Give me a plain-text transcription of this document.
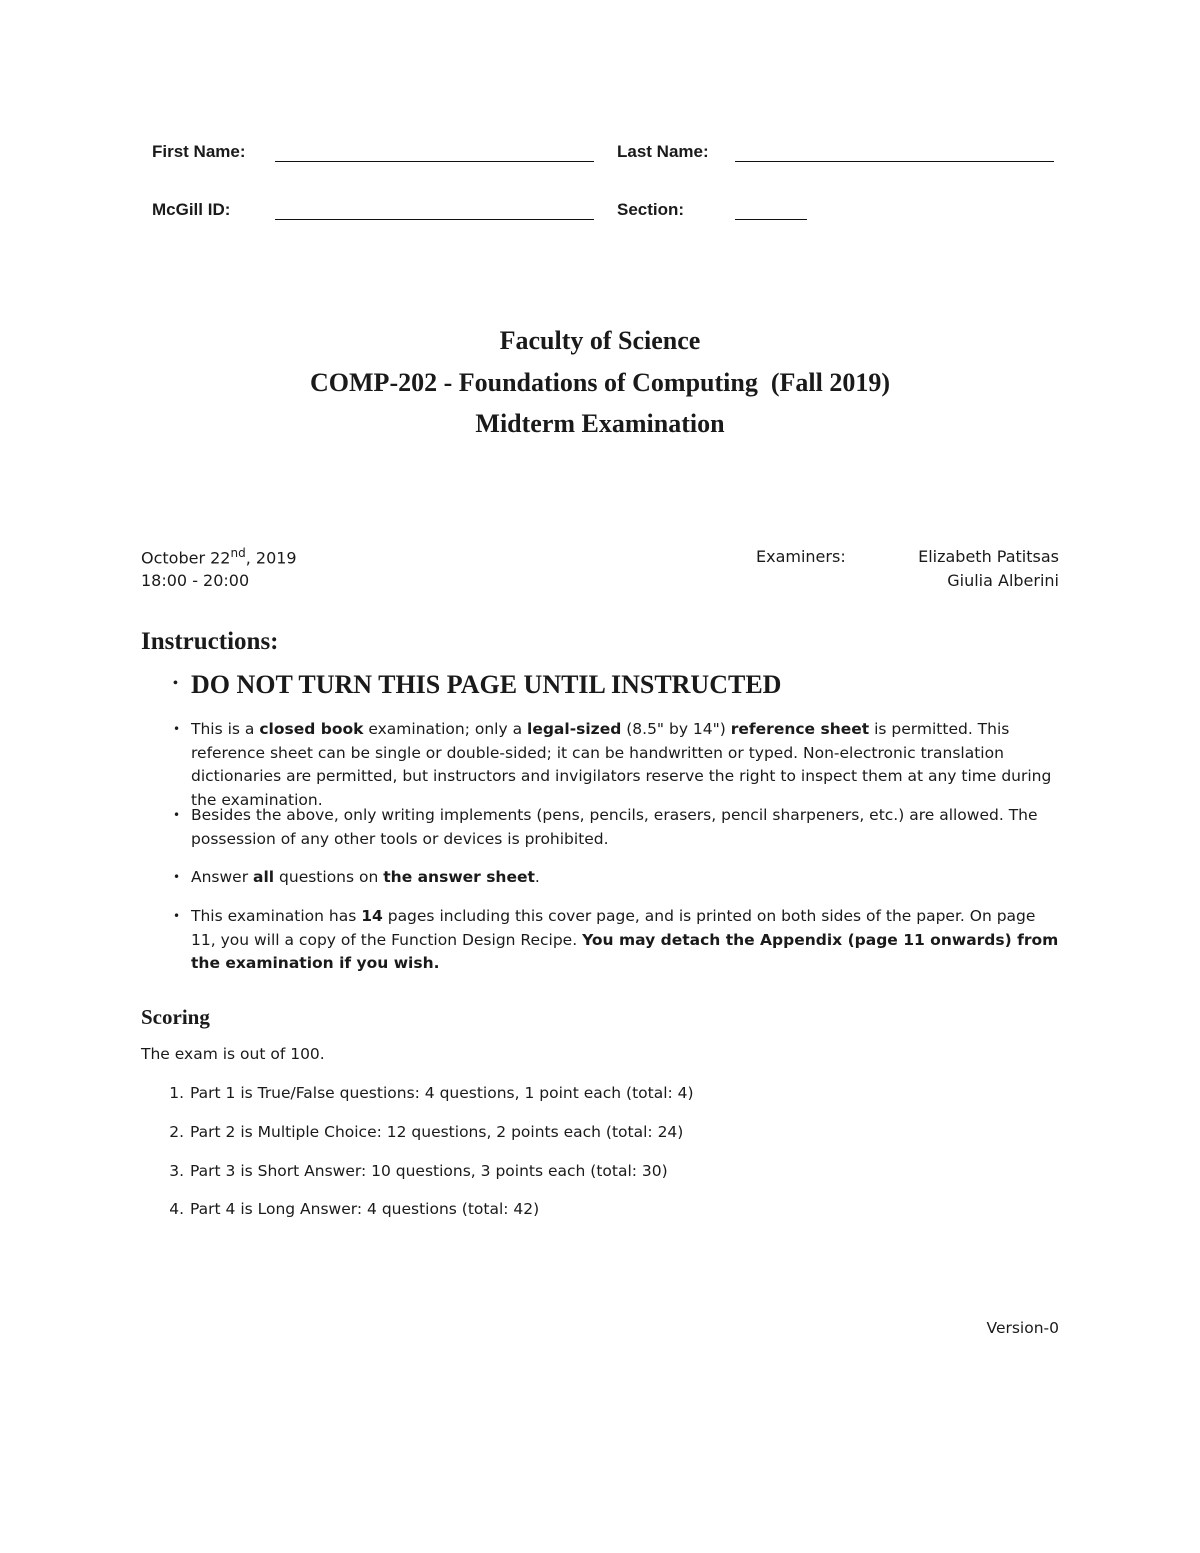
First Name:	Last Name:
McGill ID:	Section:
Faculty of Science
COMP-202 - Foundations of Computing  (Fall 2019)
Midterm Examination
October 22nd, 2019
18:00 - 20:00
Examiners:	Elizabeth Patitsas
Giulia Alberini
Instructions:
• DO NOT TURN THIS PAGE UNTIL INSTRUCTED
• This is a closed book examination; only a legal-sized (8.5" by 14") reference sheet is permitted. This reference sheet can be single or double-sided; it can be handwritten or typed. Non-electronic translation dictionaries are permitted, but instructors and invigilators reserve the right to inspect them at any time during the examination.
• Besides the above, only writing implements (pens, pencils, erasers, pencil sharpeners, etc.) are allowed. The possession of any other tools or devices is prohibited.
• Answer all questions on the answer sheet.
• This examination has 14 pages including this cover page, and is printed on both sides of the paper. On page 11, you will a copy of the Function Design Recipe. You may detach the Appendix (page 11 onwards) from the examination if you wish.
Scoring
The exam is out of 100.
1. Part 1 is True/False questions: 4 questions, 1 point each (total: 4)
2. Part 2 is Multiple Choice: 12 questions, 2 points each (total: 24)
3. Part 3 is Short Answer: 10 questions, 3 points each (total: 30)
4. Part 4 is Long Answer: 4 questions (total: 42)
Version-0
